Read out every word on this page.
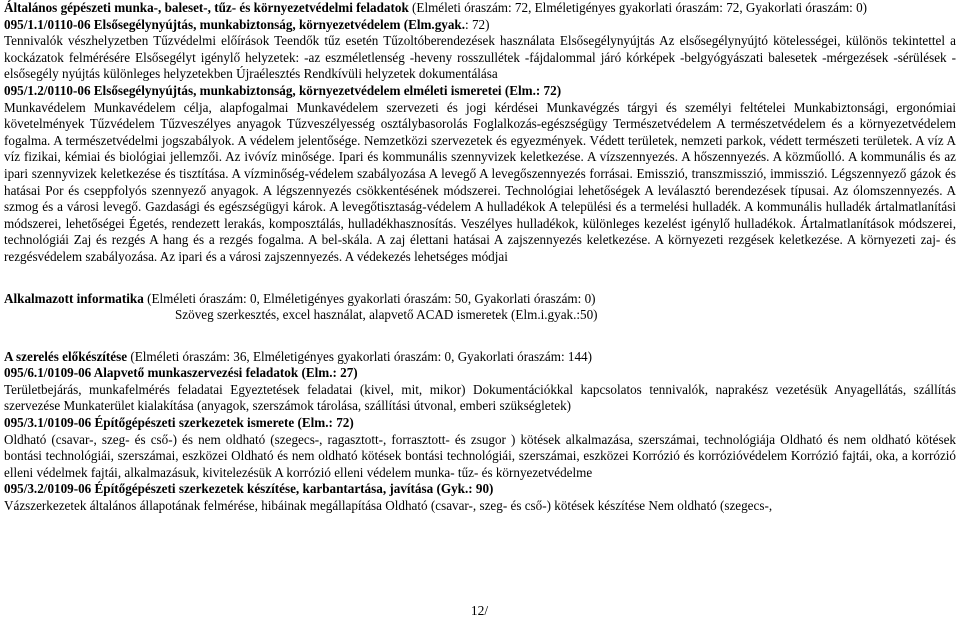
Általános gépészeti munka-, baleset-, tűz- és környezetvédelmi feladatok (Elméleti óraszám: 72, Elméletigényes gyakorlati óraszám: 72, Gyakorlati óraszám: 0)

095/1.1/0110-06 Elsősegélynyújtás, munkabiztonság, környezetvédelem (Elm.gyak.: 72)

Tennivalók vészhelyzetben Tűzvédelmi előírások Teendők tűz esetén Tűzoltóberendezések használata Elsősegélynyújtás Az elsősegélynyújtó kötelességei, különös tekintettel a kockázatok felmérésére Elsősegélyt igénylő helyzetek: -az eszméletlenség -heveny rosszullétek -fájdalommal járó kórképek -belgyógyászati balesetek -mérgezések -sérülések -elsősegély nyújtás különleges helyzetekben Újraélesztés Rendkívüli helyzetek dokumentálása

095/1.2/0110-06 Elsősegélynyújtás, munkabiztonság, környezetvédelem elméleti ismeretei (Elm.: 72)

Munkavédelem Munkavédelem célja, alapfogalmai Munkavédelem szervezeti és jogi kérdései Munkavégzés tárgyi és személyi feltételei Munkabiztonsági, ergonómiai követelmények Tűzvédelem Tűzveszélyes anyagok Tűzveszélyesség osztálybasorolás Foglalkozás-egészségügy Természetvédelem A természetvédelem és a környezetvédelem fogalma. A természetvédelmi jogszabályok. A védelem jelentősége. Nemzetközi szervezetek és egyezmények. Védett területek, nemzeti parkok, védett természeti területek. A víz A víz fizikai, kémiai és biológiai jellemzői. Az ivóvíz minősége. Ipari és kommunális szennyvizek keletkezése. A vízszennyezés. A hőszennyezés. A közműolló. A kommunális és az ipari szennyvizek keletkezése és tisztítása. A vízminőség-védelem szabályozása A levegő A levegőszennyezés forrásai. Emisszió, transzmisszió, immisszió. Légszennyező gázok és hatásai Por és cseppfolyós szennyező anyagok. A légszennyezés csökkentésének módszerei. Technológiai lehetőségek A leválasztó berendezések típusai. Az ólomszennyezés. A szmog és a városi levegő. Gazdasági és egészségügyi károk. A levegőtisztaság-védelem A hulladékok A települési és a termelési hulladék. A kommunális hulladék ártalmatlanítási módszerei, lehetőségei Égetés, rendezett lerakás, komposztálás, hulladékhasznosítás. Veszélyes hulladékok, különleges kezelést igénylő hulladékok. Ártalmatlanítások módszerei, technológiái Zaj és rezgés A hang és a rezgés fogalma. A bel-skála. A zaj élettani hatásai A zajszennyezés keletkezése. A környezeti rezgések keletkezése. A környezeti zaj- és rezgésvédelem szabályozása. Az ipari és a városi zajszennyezés. A védekezés lehetséges módjai

Alkalmazott informatika (Elméleti óraszám: 0, Elméletigényes gyakorlati óraszám: 50, Gyakorlati óraszám: 0)

Szöveg szerkesztés, excel használat, alapvető ACAD ismeretek (Elm.i.gyak.:50)

A szerelés előkészítése (Elméleti óraszám: 36, Elméletigényes gyakorlati óraszám: 0, Gyakorlati óraszám: 144)

095/6.1/0109-06 Alapvető munkaszervezési feladatok (Elm.: 27)

Területbejárás, munkafelmérés feladatai Egyeztetések feladatai (kivel, mit, mikor) Dokumentációkkal kapcsolatos tennivalók, naprakész vezetésük Anyagellátás, szállítás szervezése Munkaterület kialakítása (anyagok, szerszámok tárolása, szállítási útvonal, emberi szükségletek)

095/3.1/0109-06 Építőgépészeti szerkezetek ismerete (Elm.: 72)

Oldható (csavar-, szeg- és cső-) és nem oldható (szegecs-, ragasztott-, forrasztott- és zsugor ) kötések alkalmazása, szerszámai, technológiája Oldható és nem oldható kötések bontási technológiái, szerszámai, eszközei Oldható és nem oldható kötések bontási technológiái, szerszámai, eszközei Korrózió és korrózióvédelem Korrózió fajtái, oka, a korrózió elleni védelmek fajtái, alkalmazásuk, kivitelezésük A korrózió elleni védelem munka- tűz- és környezetvédelme

095/3.2/0109-06 Építőgépészeti szerkezetek készítése, karbantartása, javítása (Gyk.: 90)

Vázszerkezetek általános állapotának felmérése, hibáinak megállapítása Oldható (csavar-, szeg- és cső-) kötések készítése Nem oldható (szegecs-,

12/
